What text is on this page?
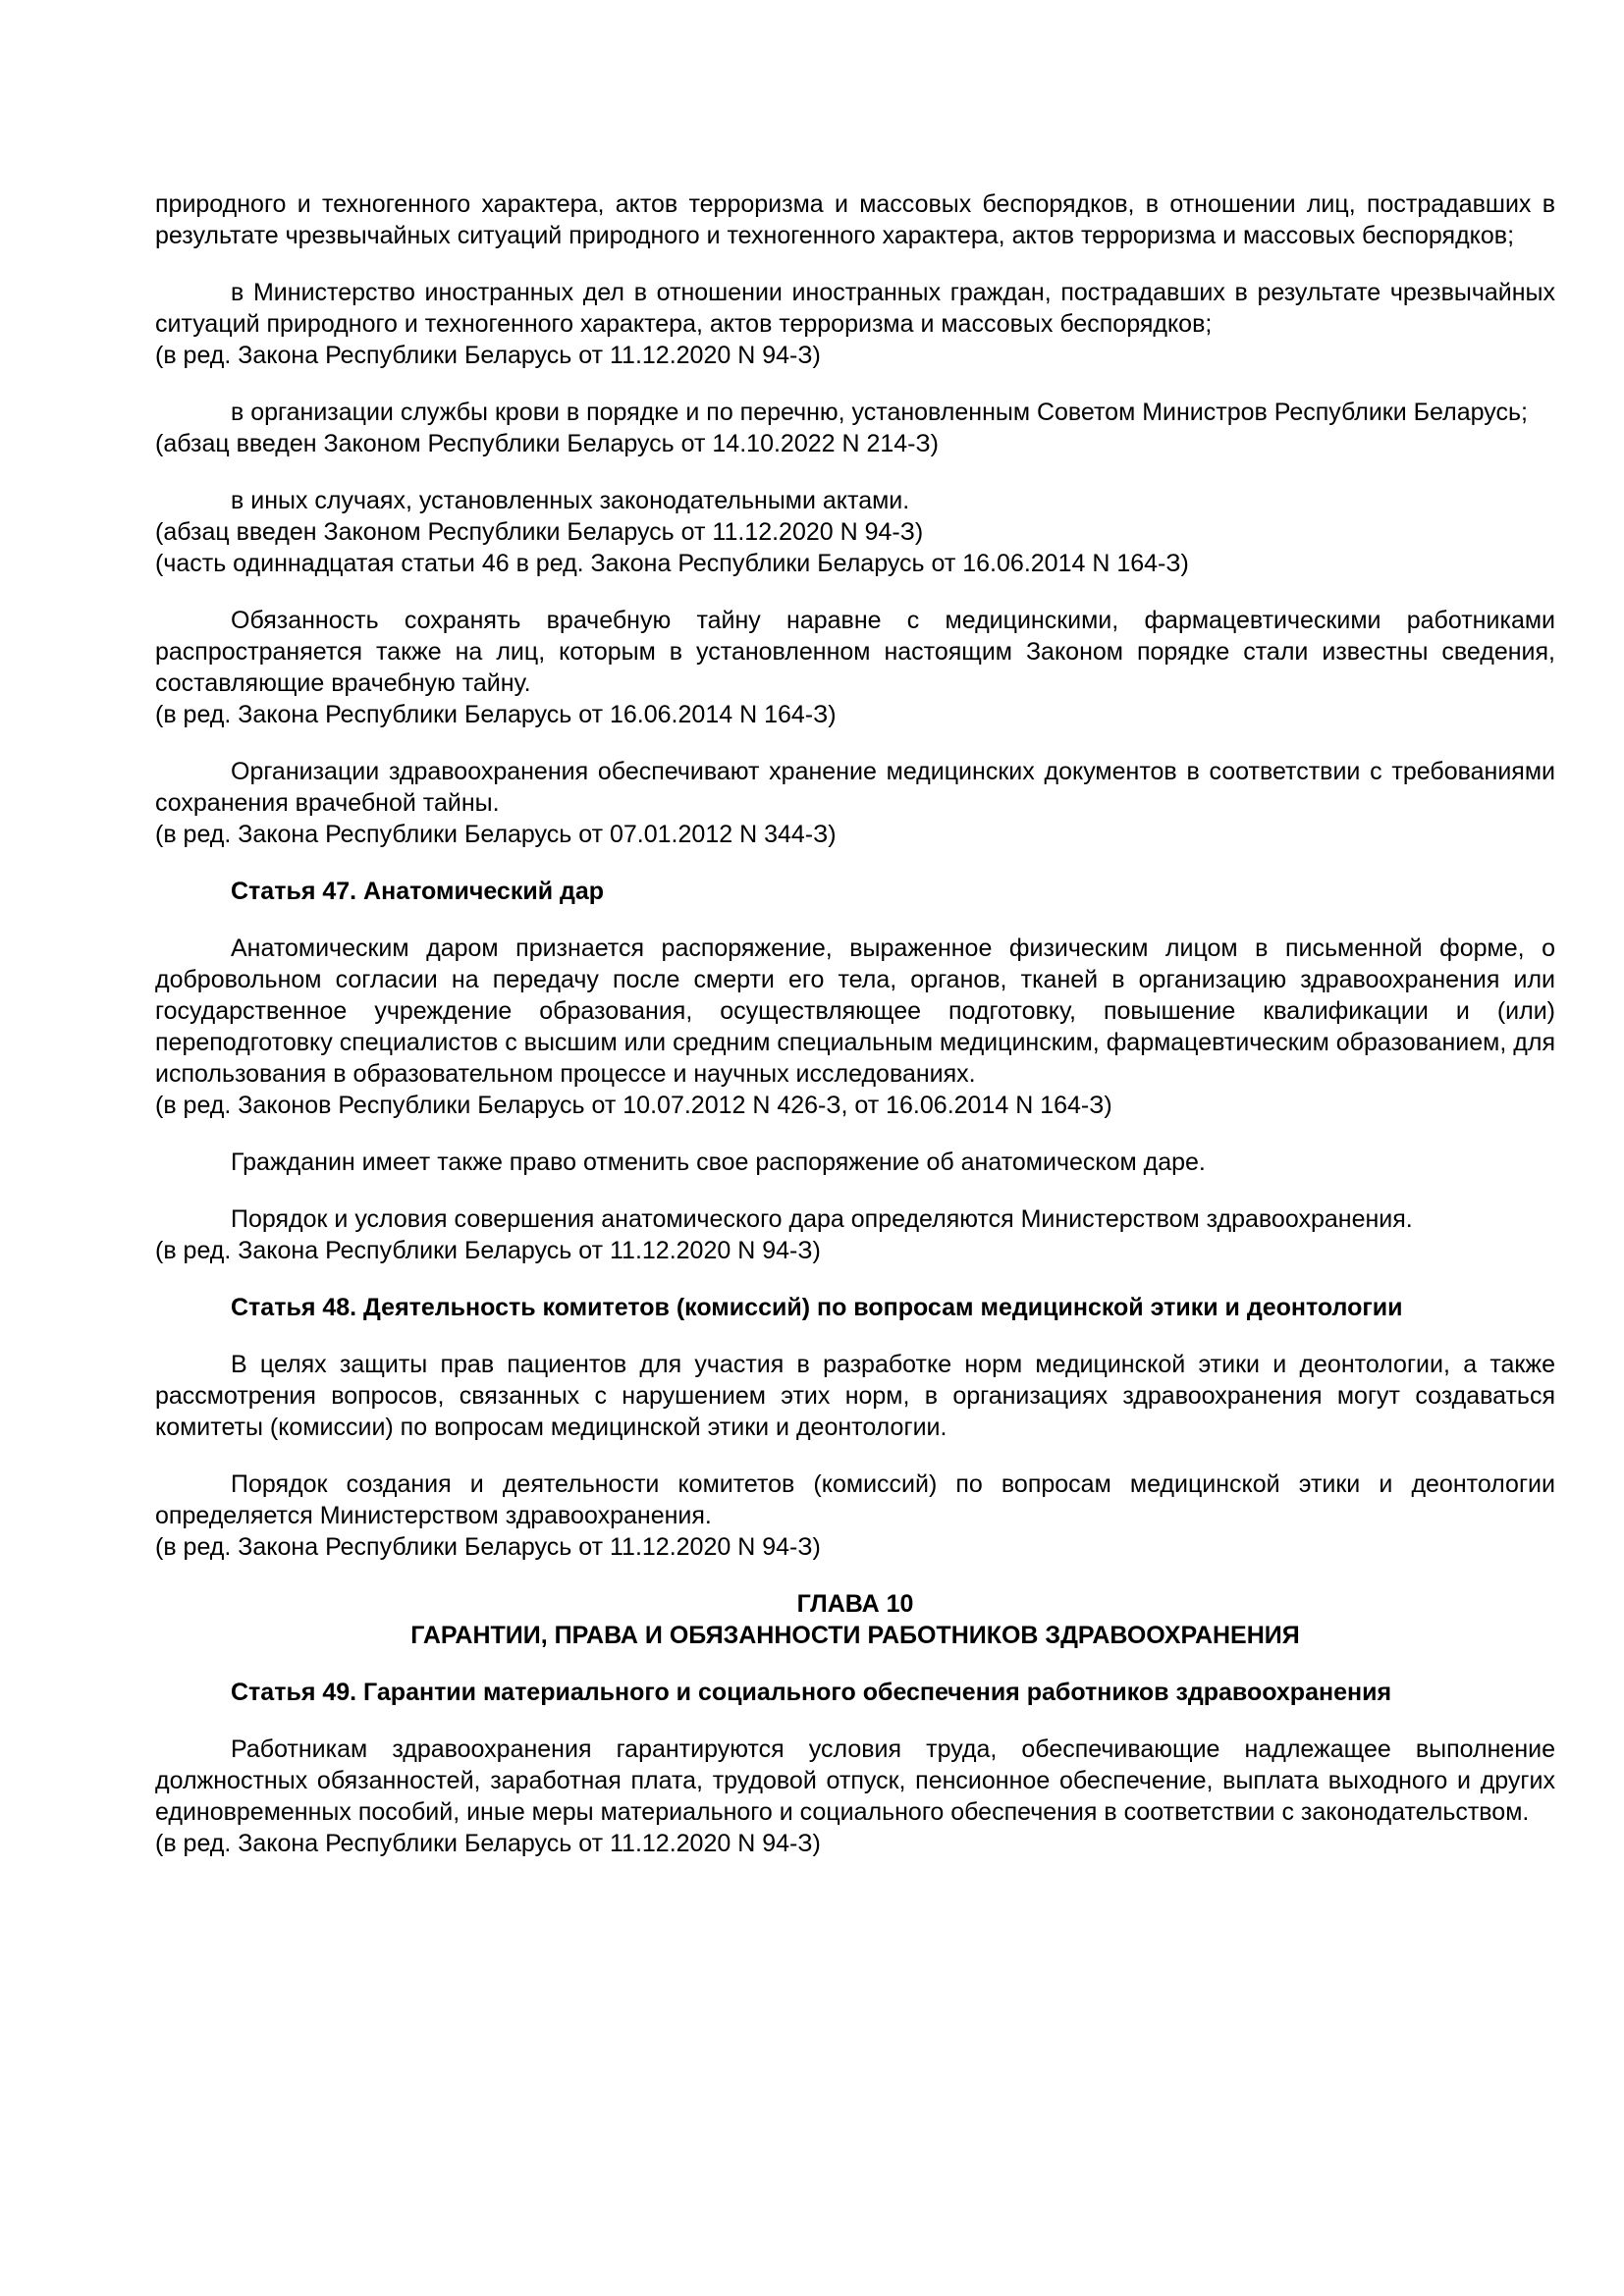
природного и техногенного характера, актов терроризма и массовых беспорядков, в отношении лиц, пострадавших в результате чрезвычайных ситуаций природного и техногенного характера, актов терроризма и массовых беспорядков;

в Министерство иностранных дел в отношении иностранных граждан, пострадавших в результате чрезвычайных ситуаций природного и техногенного характера, актов терроризма и массовых беспорядков;

(в ред. Закона Республики Беларусь от 11.12.2020 N 94-З)

в организации службы крови в порядке и по перечню, установленным Советом Министров Республики Беларусь;

(абзац введен Законом Республики Беларусь от 14.10.2022 N 214-З)

в иных случаях, установленных законодательными актами.

(абзац введен Законом Республики Беларусь от 11.12.2020 N 94-З)

(часть одиннадцатая статьи 46 в ред. Закона Республики Беларусь от 16.06.2014 N 164-З)

Обязанность сохранять врачебную тайну наравне с медицинскими, фармацевтическими работниками распространяется также на лиц, которым в установленном настоящим Законом порядке стали известны сведения, составляющие врачебную тайну.

(в ред. Закона Республики Беларусь от 16.06.2014 N 164-З)

Организации здравоохранения обеспечивают хранение медицинских документов в соответствии с требованиями сохранения врачебной тайны.

(в ред. Закона Республики Беларусь от 07.01.2012 N 344-З)

Статья 47. Анатомический дар

Анатомическим даром признается распоряжение, выраженное физическим лицом в письменной форме, о добровольном согласии на передачу после смерти его тела, органов, тканей в организацию здравоохранения или государственное учреждение образования, осуществляющее подготовку, повышение квалификации и (или) переподготовку специалистов с высшим или средним специальным медицинским, фармацевтическим образованием, для использования в образовательном процессе и научных исследованиях.

(в ред. Законов Республики Беларусь от 10.07.2012 N 426-З, от 16.06.2014 N 164-З)

Гражданин имеет также право отменить свое распоряжение об анатомическом даре.

Порядок и условия совершения анатомического дара определяются Министерством здравоохранения.

(в ред. Закона Республики Беларусь от 11.12.2020 N 94-З)

Статья 48. Деятельность комитетов (комиссий) по вопросам медицинской этики и деонтологии

В целях защиты прав пациентов для участия в разработке норм медицинской этики и деонтологии, а также рассмотрения вопросов, связанных с нарушением этих норм, в организациях здравоохранения могут создаваться комитеты (комиссии) по вопросам медицинской этики и деонтологии.

Порядок создания и деятельности комитетов (комиссий) по вопросам медицинской этики и деонтологии определяется Министерством здравоохранения.

(в ред. Закона Республики Беларусь от 11.12.2020 N 94-З)

ГЛАВА 10

ГАРАНТИИ, ПРАВА И ОБЯЗАННОСТИ РАБОТНИКОВ ЗДРАВООХРАНЕНИЯ

Статья 49. Гарантии материального и социального обеспечения работников здравоохранения

Работникам здравоохранения гарантируются условия труда, обеспечивающие надлежащее выполнение должностных обязанностей, заработная плата, трудовой отпуск, пенсионное обеспечение, выплата выходного и других единовременных пособий, иные меры материального и социального обеспечения в соответствии с законодательством.

(в ред. Закона Республики Беларусь от 11.12.2020 N 94-З)
